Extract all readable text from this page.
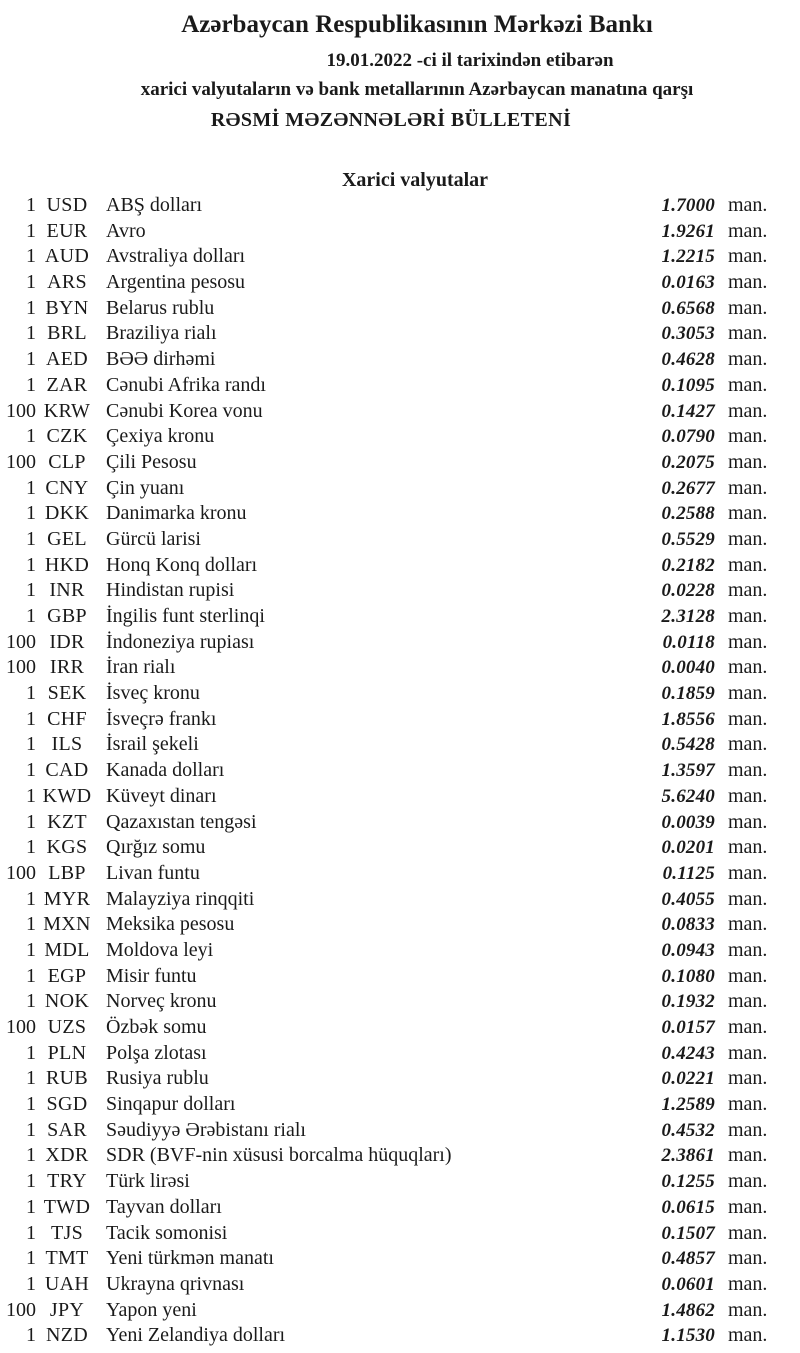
Azərbaycan Respublikasının Mərkəzi Bankı
19.01.2022 -ci il tarixindən etibarən
xarici valyutaların və bank metallarının Azərbaycan manatına qarşı
RƏSMİ MƏZƏNNƏLƏRİ BÜLLETENİ
Xarici valyutalar
1 USD ABŞ dolları	1.7000 man.
1 EUR Avro	1.9261 man.
1 AUD Avstraliya dolları	1.2215 man.
1 ARS Argentina pesosu	0.0163 man.
1 BYN Belarus rublu	0.6568 man.
1 BRL Braziliya rialı	0.3053 man.
1 AED BƏƏ dirhəmi	0.4628 man.
1 ZAR Cənubi Afrika randı	0.1095 man.
100 KRW Cənubi Korea vonu	0.1427 man.
1 CZK Çexiya kronu	0.0790 man.
100 CLP	Çili Pesosu	0.2075 man.
1 CNY Çin yuanı	0.2677 man.
1 DKK Danimarka kronu	0.2588 man.
1 GEL Gürcü larisi	0.5529 man.
1 HKD Honq Konq dolları	0.2182 man.
1 INR	Hindistan rupisi	0.0228 man.
1 GBP İngilis funt sterlinqi	2.3128 man.
100 IDR	İndoneziya rupiası	0.0118 man.
100 IRR	İran rialı	0.0040 man.
1 SEK İsveç kronu	0.1859 man.
1 CHF İsveçrə frankı	1.8556 man.
1 ILS	İsrail şekeli	0.5428 man.
1 CAD Kanada dolları	1.3597 man.
1 KWD Küveyt dinarı	5.6240 man.
1 KZT Qazaxıstan tengəsi	0.0039 man.
1 KGS Qırğız somu	0.0201 man.
100 LBP	Livan funtu	0.1125 man.
1 MYR Malayziya rinqqiti	0.4055 man.
1 MXN Meksika pesosu	0.0833 man.
1 MDL Moldova leyi	0.0943 man.
1 EGP Misir funtu	0.1080 man.
1 NOK Norveç kronu	0.1932 man.
100 UZS Özbək somu	0.0157 man.
1 PLN Polşa zlotası	0.4243 man.
1 RUB Rusiya rublu	0.0221 man.
1 SGD Sinqapur dolları	1.2589 man.
1 SAR Səudiyyə Ərəbistanı rialı	0.4532 man.
1 XDR SDR (BVF-nin xüsusi borcalma hüquqları)	2.3861 man.
1 TRY Türk lirəsi	0.1255 man.
1 TWD Tayvan dolları	0.0615 man.
1 TJS	Tacik somonisi	0.1507 man.
1 TMT Yeni türkmən manatı	0.4857 man.
1 UAH Ukrayna qrivnası	0.0601 man.
100 JPY	Yapon yeni	1.4862 man.
1 NZD Yeni Zelandiya dolları	1.1530 man.
